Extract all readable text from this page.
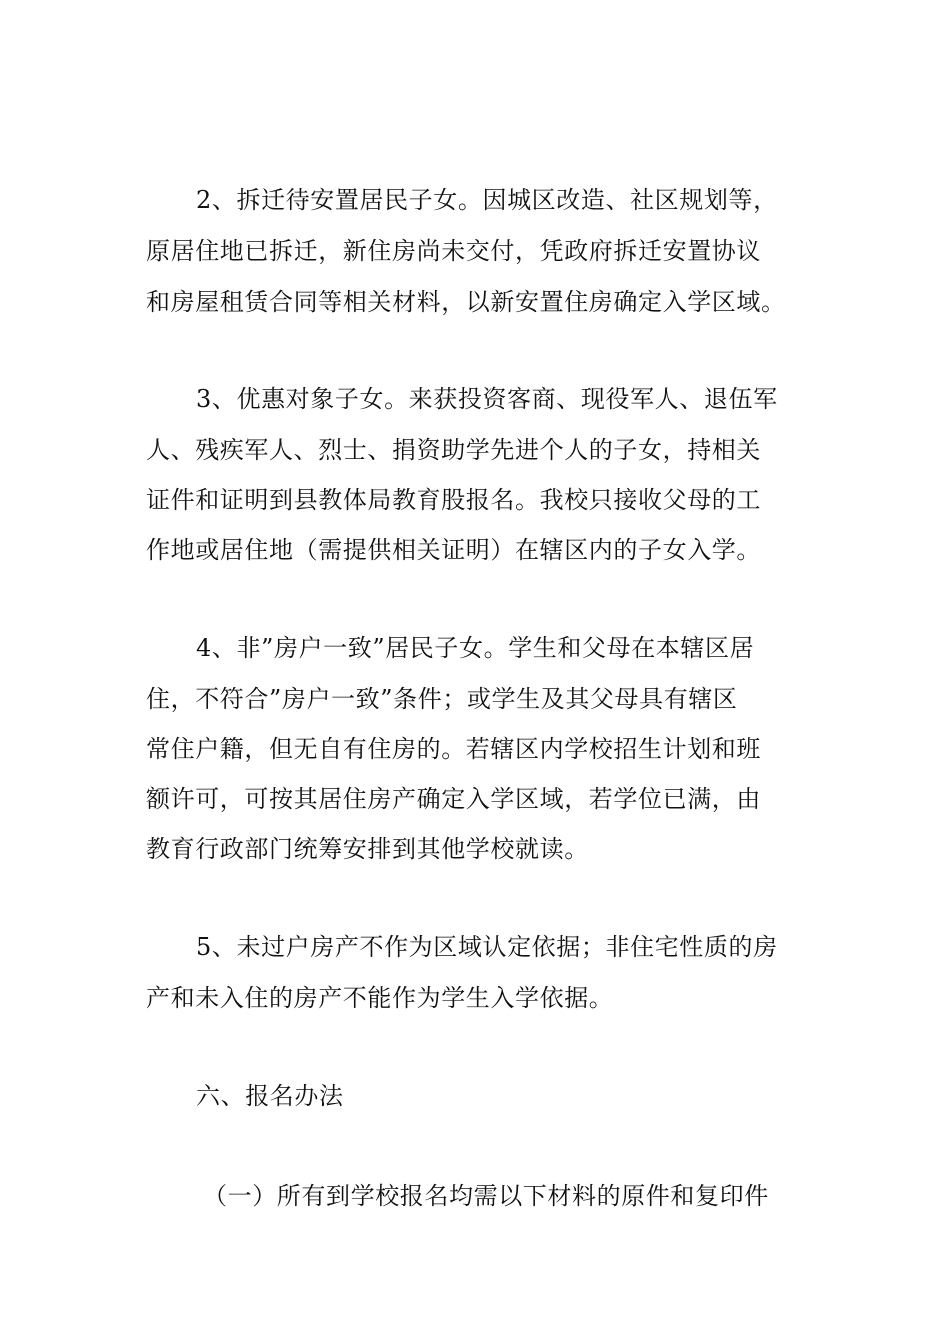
2、拆迁待安置居民子女。因城区改造、社区规划等，
原居住地已拆迁，新住房尚未交付，凭政府拆迁安置协议
和房屋租赁合同等相关材料，以新安置住房确定入学区域。
3、优惠对象子女。来获投资客商、现役军人、退伍军
人、残疾军人、烈士、捐资助学先进个人的子女，持相关
证件和证明到县教体局教育股报名。我校只接收父母的工
作地或居住地（需提供相关证明）在辖区内的子女入学。
4、非”房户一致”居民子女。学生和父母在本辖区居
住，不符合”房户一致”条件；或学生及其父母具有辖区
常住户籍，但无自有住房的。若辖区内学校招生计划和班
额许可，可按其居住房产确定入学区域，若学位已满，由
教育行政部门统筹安排到其他学校就读。
5、未过户房产不作为区域认定依据；非住宅性质的房
产和未入住的房产不能作为学生入学依据。
六、报名办法
（一）所有到学校报名均需以下材料的原件和复印件
